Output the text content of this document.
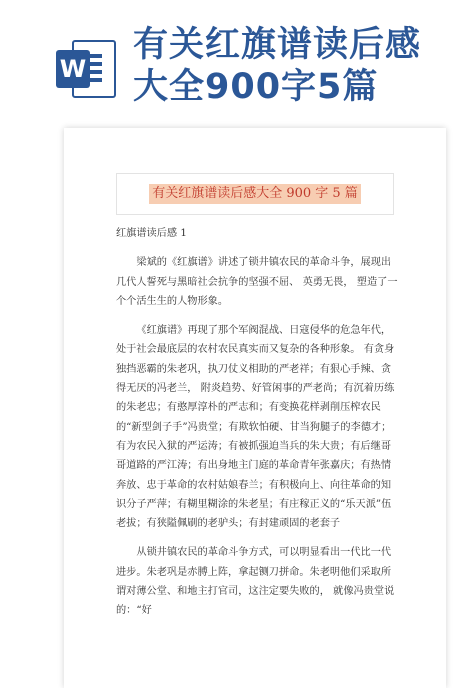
W
有关红旗谱读后感
大全900字5篇
有关红旗谱读后感大全 900 字 5 篇

红旗谱读后感 1

梁斌的《红旗谱》讲述了锁井镇农民的革命斗争，展现出几代人誓死与黑暗社会抗争的坚强不屈、 英勇无畏， 塑造了一个个活生生的人物形象。

《红旗谱》再现了那个军阀混战、日寇侵华的危急年代，处于社会最底层的农村农民真实而又复杂的各种形象。 有贪身独挡恶霸的朱老巩，执刀仗义相助的严老祥；有狠心手辣、贪得无厌的冯老兰， 附炎趋势、好管闲事的严老尚；有沉着历练的朱老忠；有憨厚淳朴的严志和；有变换花样剥削压榨农民的“新型剑子手”冯贵堂；有欺软怕硬、甘当狗腿子的李德才；有为农民入狱的严运涛；有被抓强迫当兵的朱大贵；有后继哥哥道路的严江涛；有出身地主门庭的革命青年张嘉庆；有热情奔放、忠于革命的农村姑娘春兰；有积极向上、向往革命的知识分子严萍；有糊里糊涂的朱老星；有庄稼正义的“乐天派”伍老拔；有狭隘佩刷的老驴头；有封建顽固的老套子

从锁井镇农民的革命斗争方式，可以明显看出一代比一代进步。朱老巩是赤膊上阵，拿起铡刀拼命。朱老明他们采取所谓对薄公堂、和地主打官司，这注定要失败的， 就像冯贵堂说的：“好
